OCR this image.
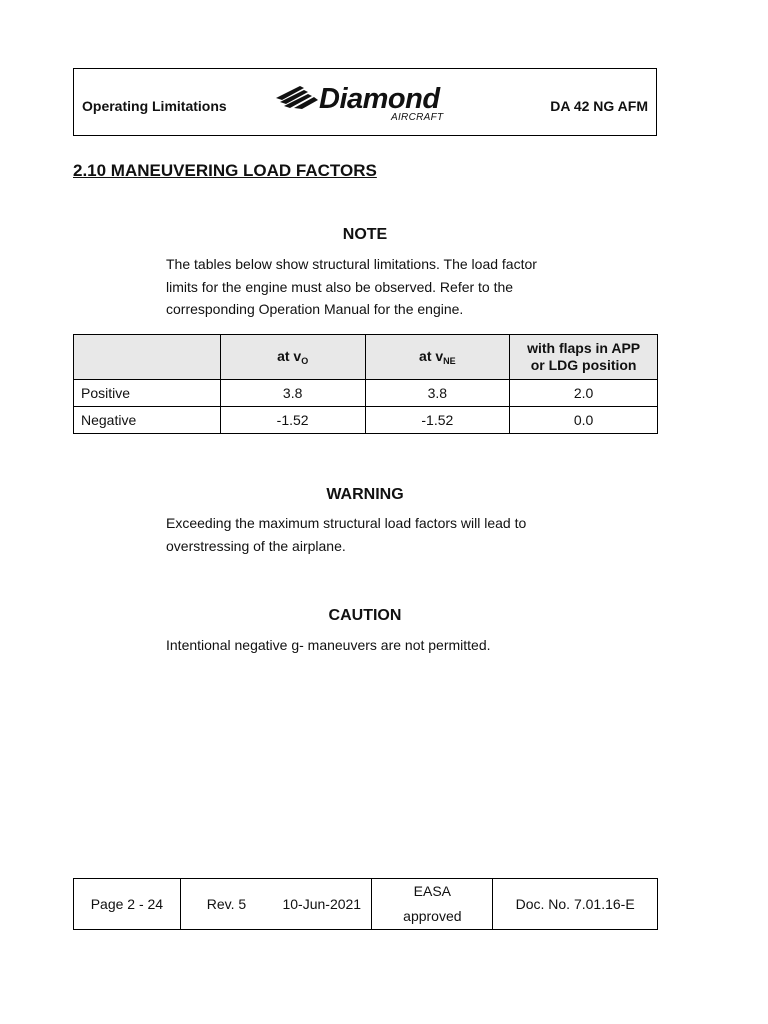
Operating Limitations	Diamond
AIRCRAFT
DA 42 NG AFM
2.10 MANEUVERING LOAD FACTORS
NOTE
The tables below show structural limitations. The load factor
limits for the engine must also be observed. Refer to the
corresponding Operation Manual for the engine.
	at $v_O$	at $v_{NE}$	with flaps in APP
or LDG position
Positive	3.8	3.8	2.0
Negative	-1.52	-1.52	0.0
WARNING
Exceeding the maximum structural load factors will lead to
overstressing of the airplane.
CAUTION
Intentional negative g- maneuvers are not permitted.
Page 2 - 24	Rev. 5	10-Jun-2021	EASA
approved	Doc. No. 7.01.16-E
